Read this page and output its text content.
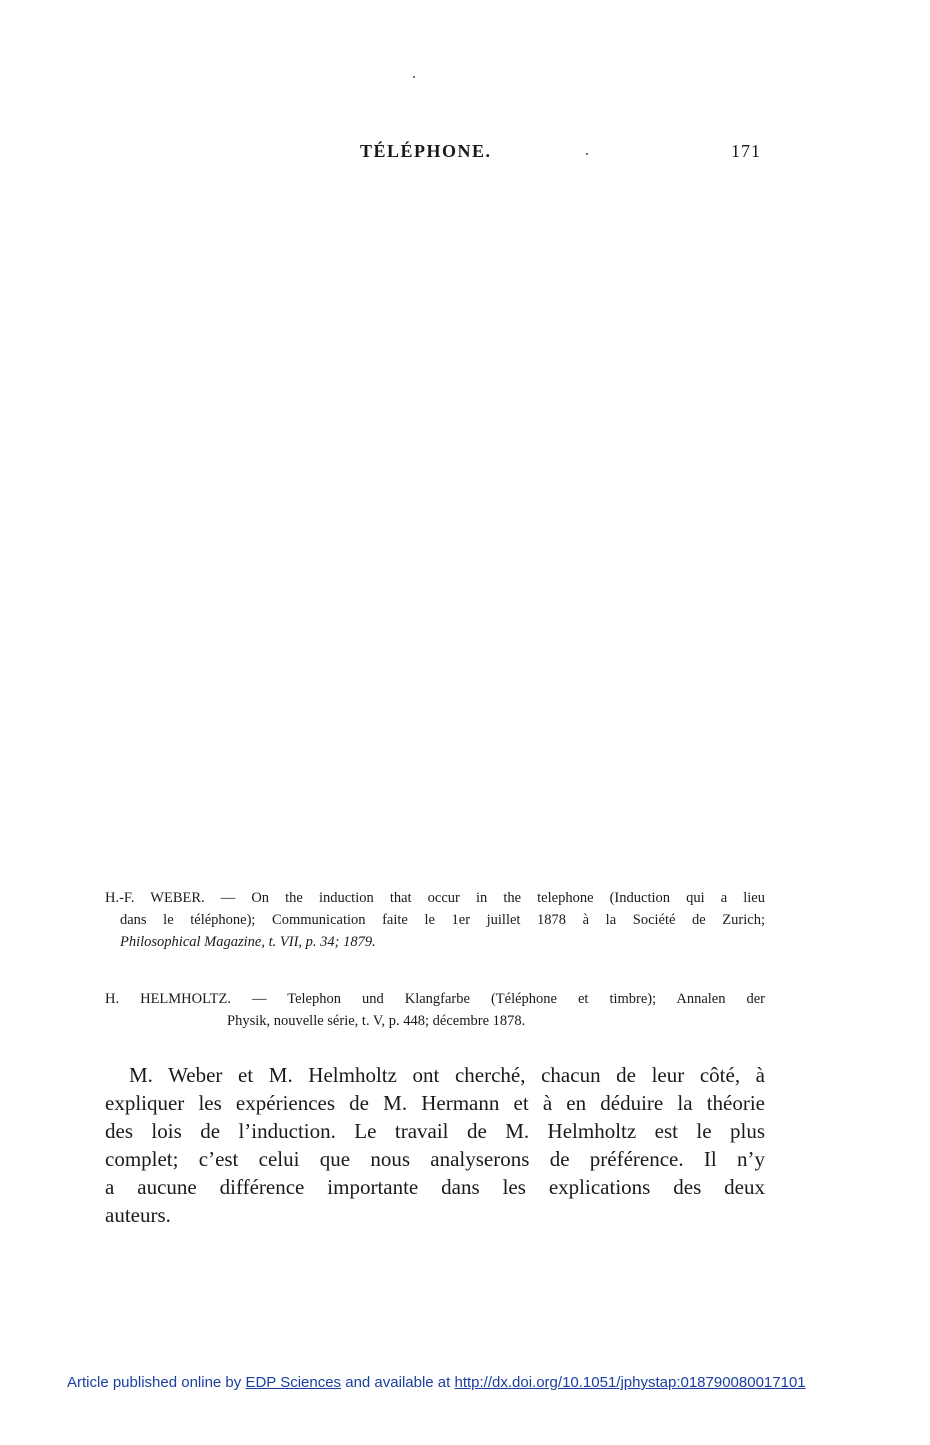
TÉLÉPHONE.	171
H.-F. WEBER. — On the induction that occur in the telephone (Induction qui a lieu
dans le téléphone); Communication faite le 1er juillet 1878 à la Société de Zurich;
Philosophical Magazine, t. VII, p. 34; 1879.
H. HELMHOLTZ. — Telephon und Klangfarbe (Téléphone et timbre); Annalen der
Physik, nouvelle série, t. V, p. 448; décembre 1878.
M. Weber et M. Helmholtz ont cherché, chacun de leur côté, à
expliquer les expériences de M. Hermann et à en déduire la théorie
des lois de l’induction. Le travail de M. Helmholtz est le plus
complet; c’est celui que nous analyserons de préférence. Il n’y
a aucune différence importante dans les explications des deux
auteurs.
Article published online by EDP Sciences and available at http://dx.doi.org/10.1051/jphystap:018790080017101
